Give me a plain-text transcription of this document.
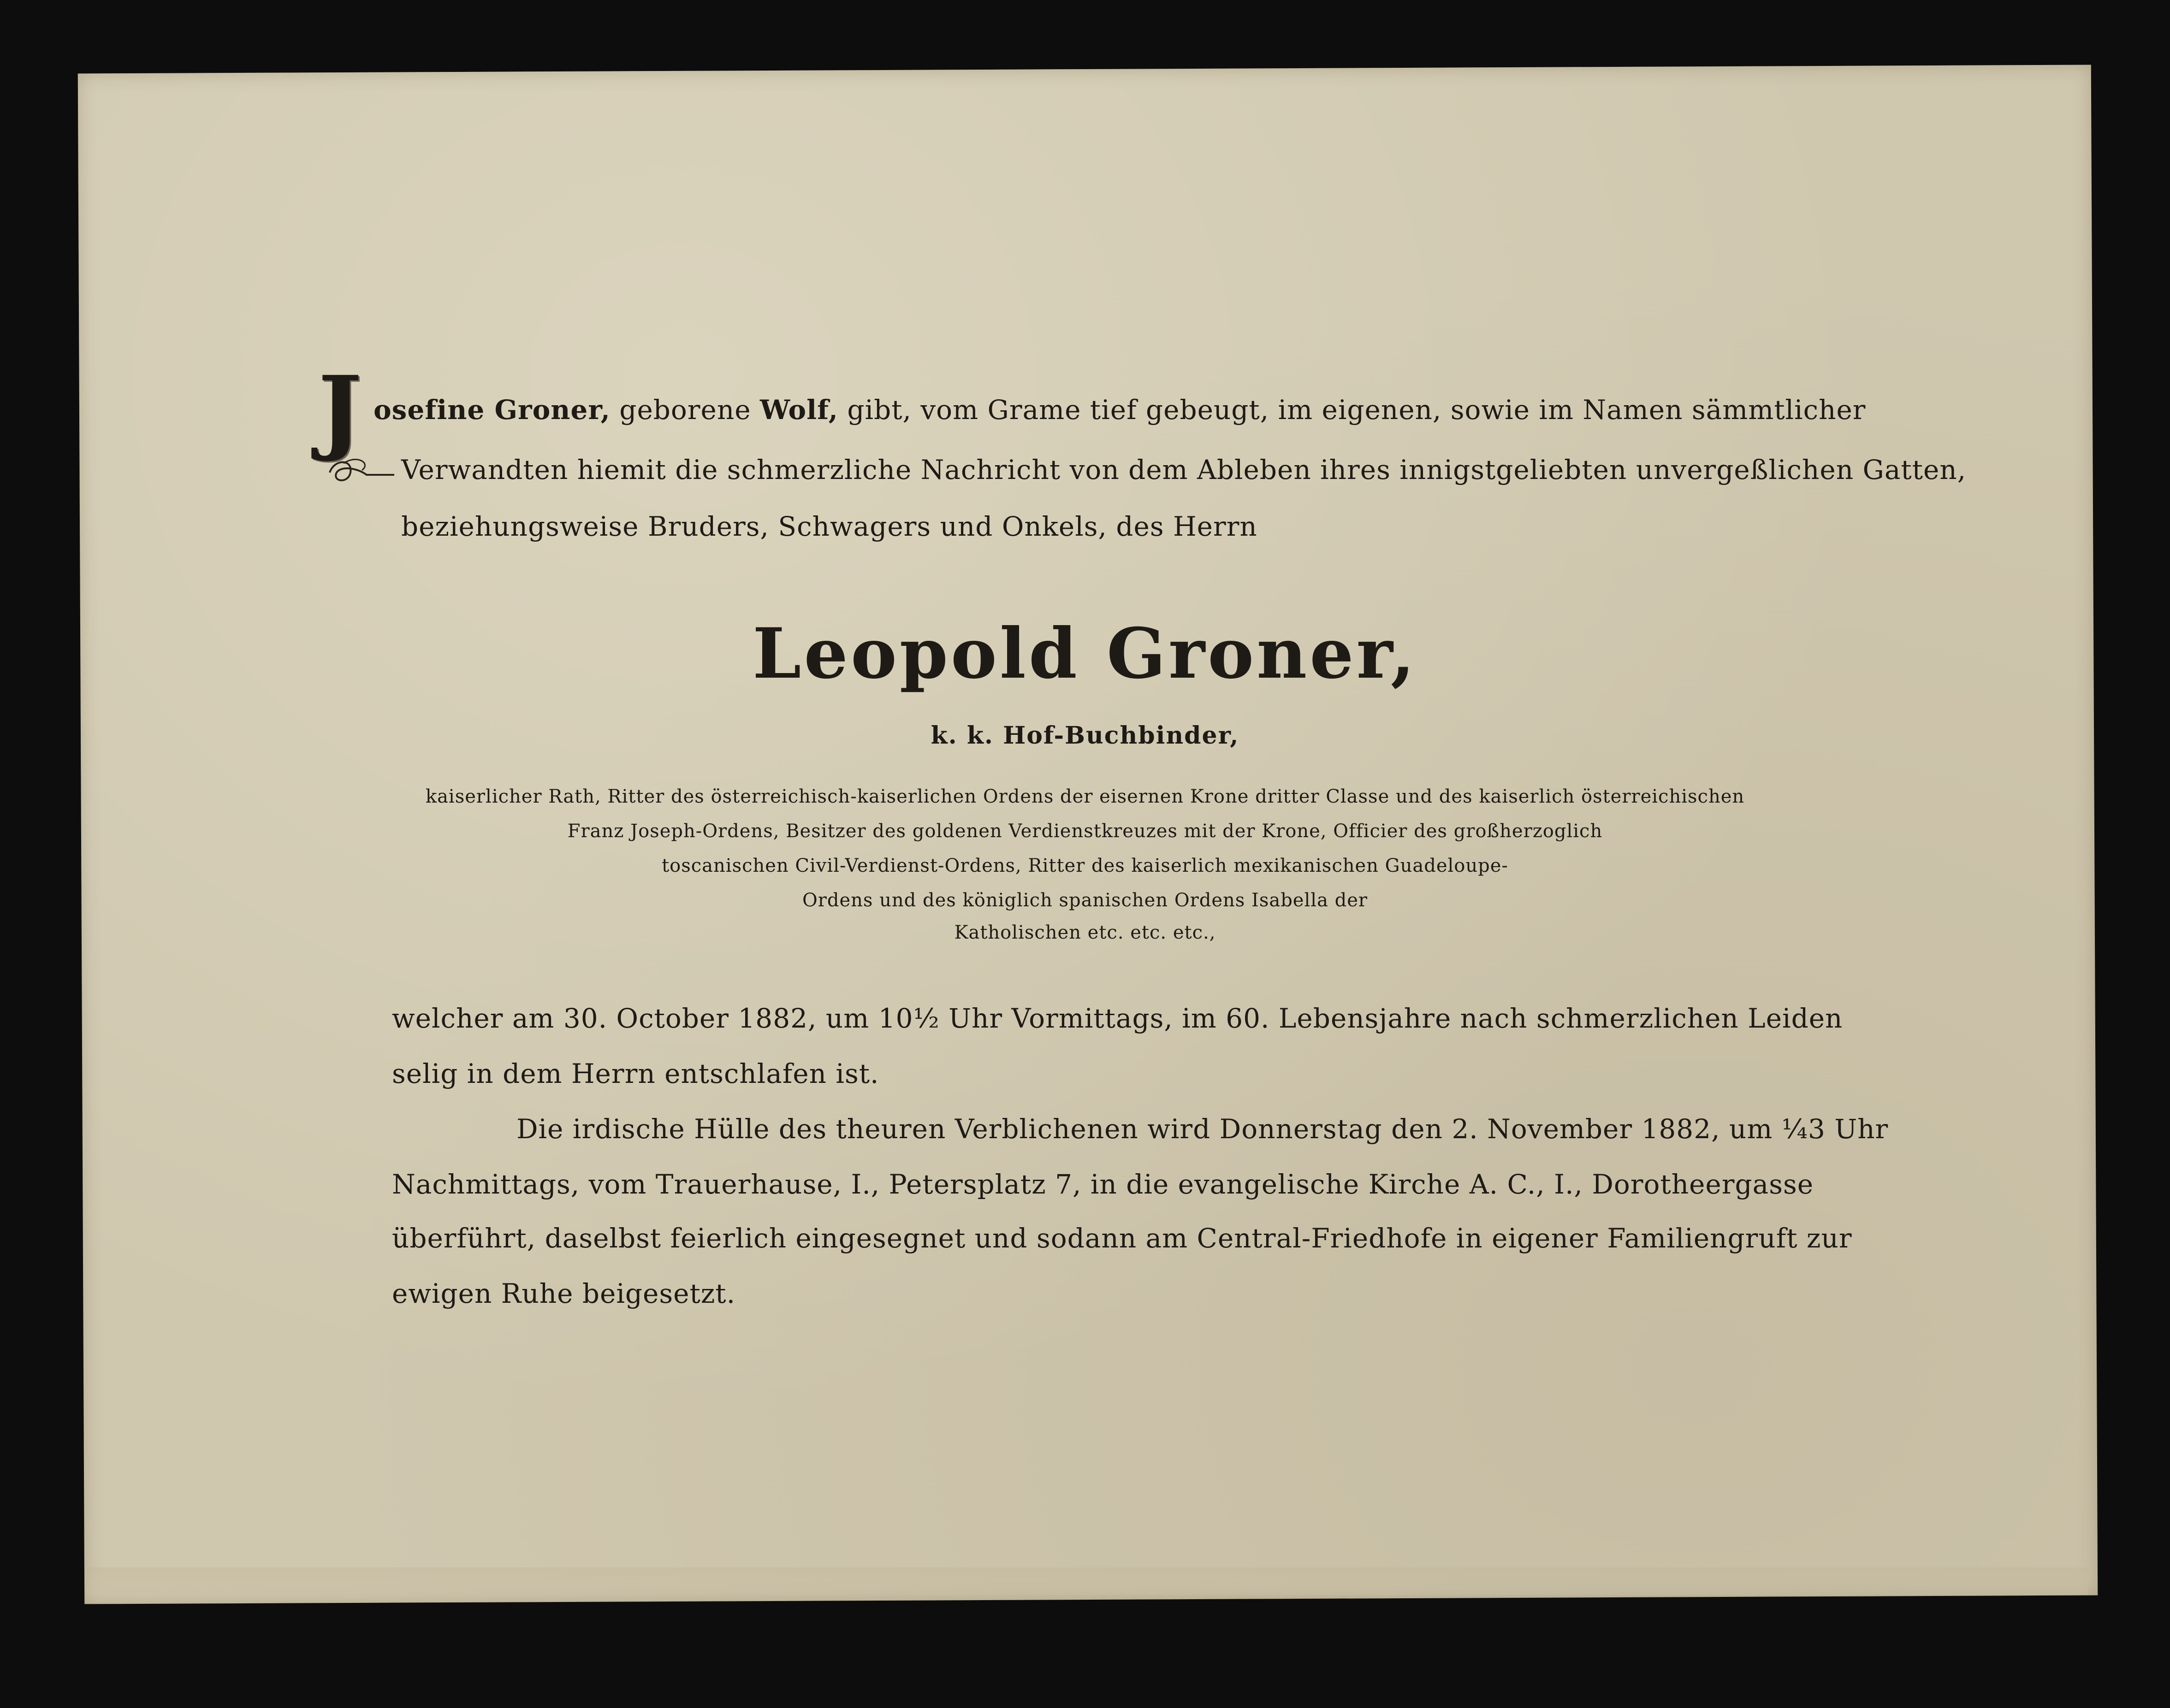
J osefine Groner, geborene Wolf, gibt, vom Grame tief gebeugt, im eigenen, sowie im Namen sämmtlicher
Verwandten hiemit die schmerzliche Nachricht von dem Ableben ihres innigstgeliebten unvergeßlichen Gatten,
beziehungsweise Bruders, Schwagers und Onkels, des Herrn
Leopold Groner,
k. k. Hof-Buchbinder,
kaiserlicher Rath, Ritter des österreichisch-kaiserlichen Ordens der eisernen Krone dritter Classe und des kaiserlich österreichischen
Franz Joseph-Ordens, Besitzer des goldenen Verdienstkreuzes mit der Krone, Officier des großherzoglich
toscanischen Civil-Verdienst-Ordens, Ritter des kaiserlich mexikanischen Guadeloupe-
Ordens und des königlich spanischen Ordens Isabella der
Katholischen etc. etc. etc.,
welcher am 30. October 1882, um 10½ Uhr Vormittags, im 60. Lebensjahre nach schmerzlichen Leiden
selig in dem Herrn entschlafen ist.
Die irdische Hülle des theuren Verblichenen wird Donnerstag den 2. November 1882, um ¼3 Uhr
Nachmittags, vom Trauerhause, I., Petersplatz 7, in die evangelische Kirche A. C., I., Dorotheergasse
überführt, daselbst feierlich eingesegnet und sodann am Central-Friedhofe in eigener Familiengruft zur
ewigen Ruhe beigesetzt.
